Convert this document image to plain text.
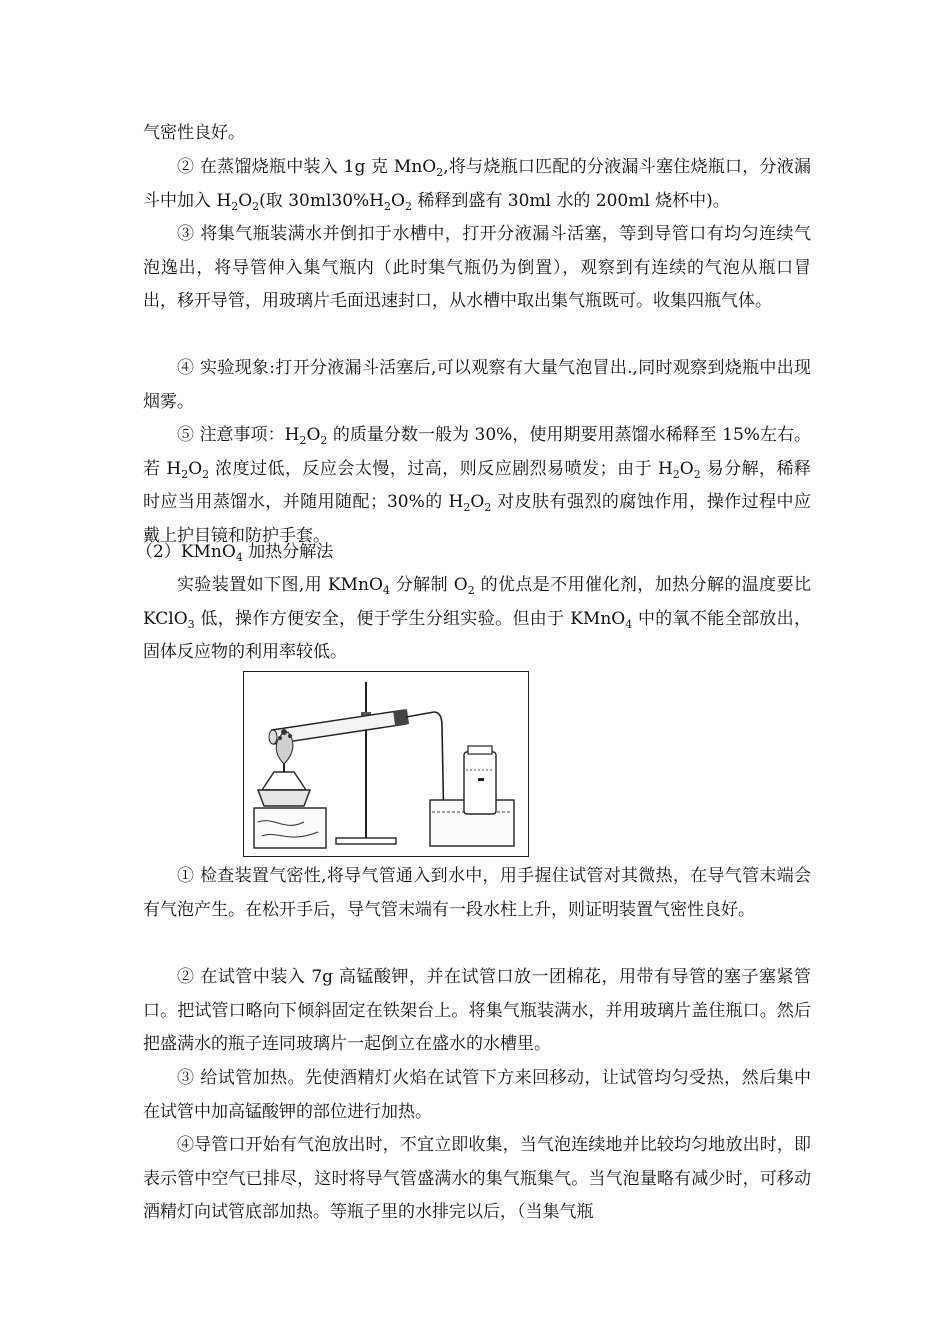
气密性良好。

② 在蒸馏烧瓶中装入 1g 克 MnO$_2$,将与烧瓶口匹配的分液漏斗塞住烧瓶口，分液漏斗中加入 $H_2O_2$(取 $30ml30\%H_2O_2$ 稀释到盛有 30ml 水的 200ml 烧杯中)。

③ 将集气瓶装满水并倒扣于水槽中，打开分液漏斗活塞，等到导管口有均匀连续气泡逸出，将导管伸入集气瓶内（此时集气瓶仍为倒置），观察到有连续的气泡从瓶口冒出，移开导管，用玻璃片毛面迅速封口，从水槽中取出集气瓶既可。收集四瓶气体。

④ 实验现象:打开分液漏斗活塞后,可以观察有大量气泡冒出.,同时观察到烧瓶中出现烟雾。

⑤ 注意事项：$H_2O_2$ 的质量分数一般为 30%，使用期要用蒸馏水稀释至 15%左右。若 $H_2O_2$ 浓度过低，反应会太慢，过高，则反应剧烈易喷发；由于 $H_2O_2$ 易分解，稀释时应当用蒸馏水，并随用随配；30%的 $H_2O_2$ 对皮肤有强烈的腐蚀作用，操作过程中应戴上护目镜和防护手套。

（2）KMnO$_4$ 加热分解法

实验装置如下图,用 KMnO$_4$ 分解制 $O_2$ 的优点是不用催化剂，加热分解的温度要比 KClO$_3$ 低，操作方便安全，便于学生分组实验。但由于 KMnO$_4$ 中的氧不能全部放出，固体反应物的利用率较低。

① 检查装置气密性,将导气管通入到水中，用手握住试管对其微热，在导气管末端会有气泡产生。在松开手后，导气管末端有一段水柱上升，则证明装置气密性良好。

② 在试管中装入 7g 高锰酸钾，并在试管口放一团棉花，用带有导管的塞子塞紧管口。把试管口略向下倾斜固定在铁架台上。将集气瓶装满水，并用玻璃片盖住瓶口。然后把盛满水的瓶子连同玻璃片一起倒立在盛水的水槽里。

③ 给试管加热。先使酒精灯火焰在试管下方来回移动，让试管均匀受热，然后集中在试管中加高锰酸钾的部位进行加热。

④导管口开始有气泡放出时，不宜立即收集，当气泡连续地并比较均匀地放出时，即表示管中空气已排尽，这时将导气管盛满水的集气瓶集气。当气泡量略有减少时，可移动酒精灯向试管底部加热。等瓶子里的水排完以后，（当集气瓶
